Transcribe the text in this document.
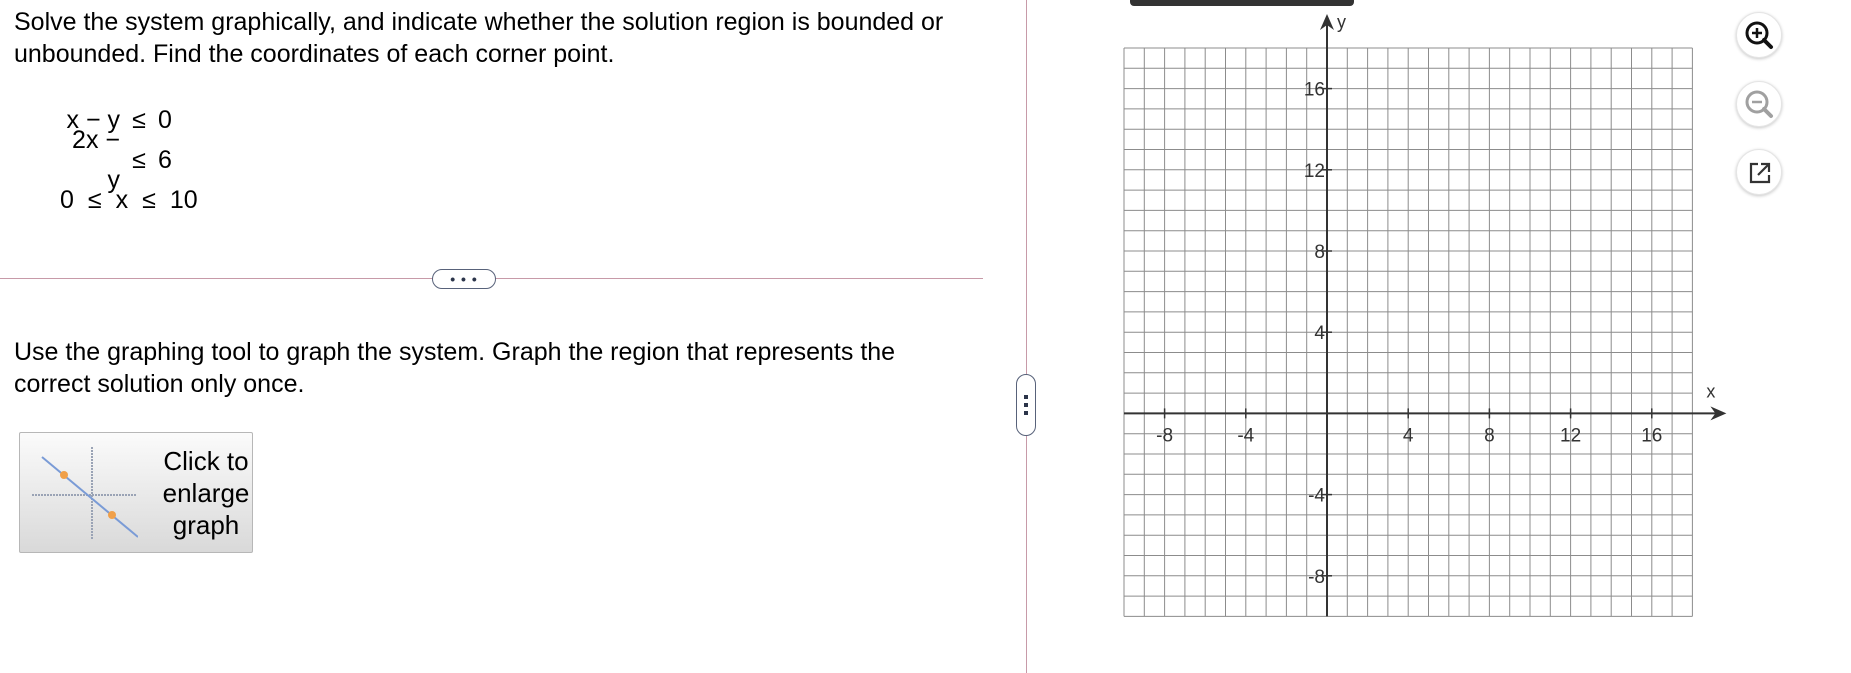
Solve the system graphically, and indicate whether the solution region is bounded or unbounded. Find the coordinates of each corner point.

x − y ≤ 0
2x − y
≤ 6
0 ≤ x ≤ 10
• • •

Use the graphing tool to graph the system. Graph the region that represents the correct solution only once.

Click to
enlarge
graph
-8	-4	4	8	12	16
16
12
8
4
-4
-8
x
y
